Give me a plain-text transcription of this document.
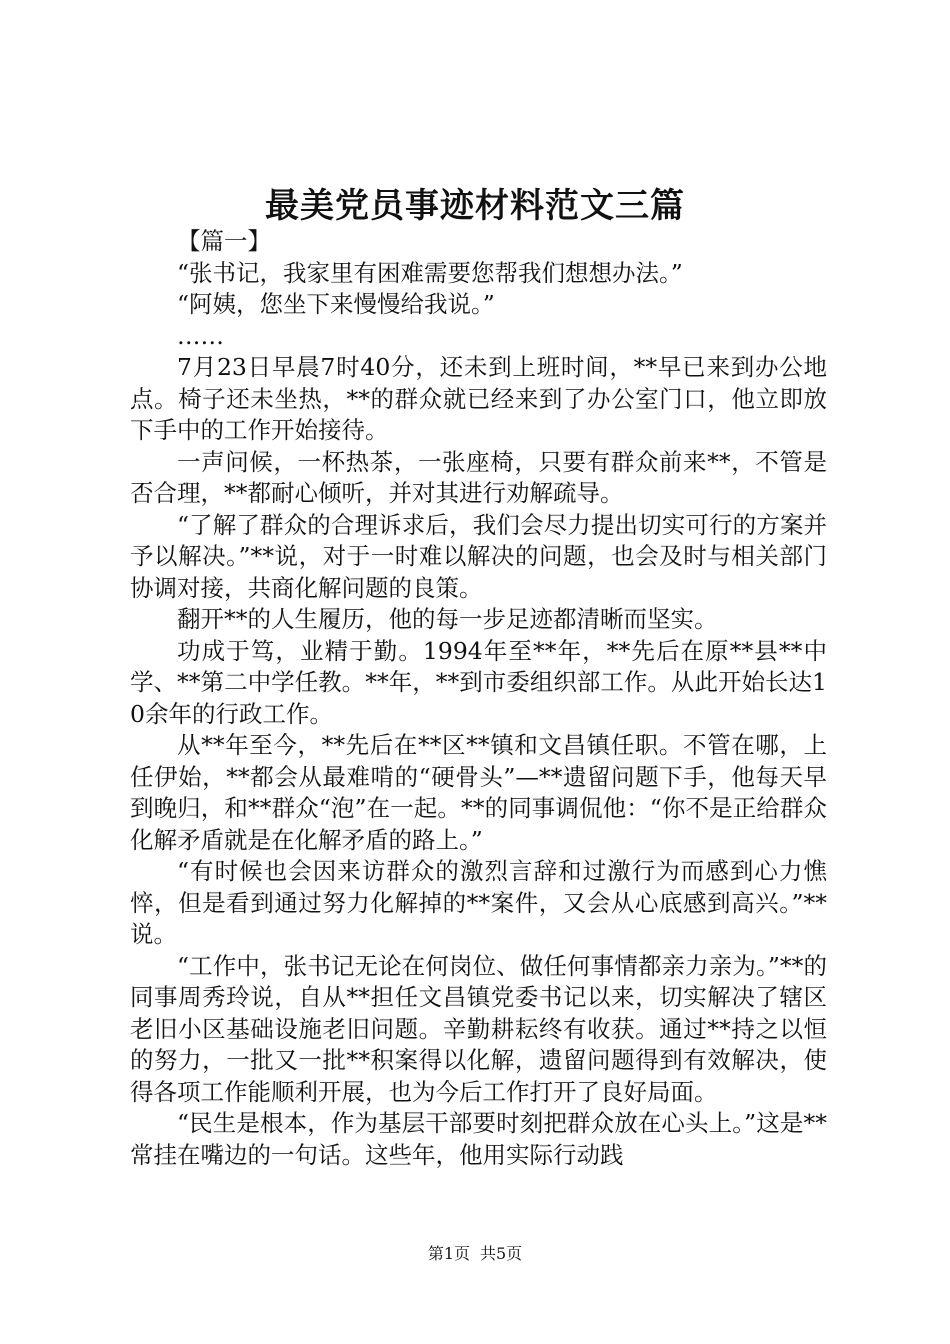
最美党员事迹材料范文三篇

【篇一】

“张书记，我家里有困难需要您帮我们想想办法。”

“阿姨，您坐下来慢慢给我说。”

……

7月23日早晨7时40分，还未到上班时间，**早已来到办公地点。椅子还未坐热，**的群众就已经来到了办公室门口，他立即放下手中的工作开始接待。

一声问候，一杯热茶，一张座椅，只要有群众前来**，不管是否合理，**都耐心倾听，并对其进行劝解疏导。

“了解了群众的合理诉求后，我们会尽力提出切实可行的方案并予以解决。”**说，对于一时难以解决的问题，也会及时与相关部门协调对接，共商化解问题的良策。

翻开**的人生履历，他的每一步足迹都清晰而坚实。

功成于笃，业精于勤。1994年至**年，**先后在原**县**中学、**第二中学任教。**年，**到市委组织部工作。从此开始长达10余年的行政工作。

从**年至今，**先后在**区**镇和文昌镇任职。不管在哪，上任伊始，**都会从最难啃的“硬骨头”—**遗留问题下手，他每天早到晚归，和**群众“泡”在一起。**的同事调侃他：“你不是正给群众化解矛盾就是在化解矛盾的路上。”

“有时候也会因来访群众的激烈言辞和过激行为而感到心力憔悴，但是看到通过努力化解掉的**案件，又会从心底感到高兴。”**说。

“工作中，张书记无论在何岗位、做任何事情都亲力亲为。”**的同事周秀玲说，自从**担任文昌镇党委书记以来，切实解决了辖区老旧小区基础设施老旧问题。辛勤耕耘终有收获。通过**持之以恒的努力，一批又一批**积案得以化解，遗留问题得到有效解决，使得各项工作能顺利开展，也为今后工作打开了良好局面。

“民生是根本，作为基层干部要时刻把群众放在心头上。”这是**常挂在嘴边的一句话。这些年，他用实际行动践

第1页 共5页
